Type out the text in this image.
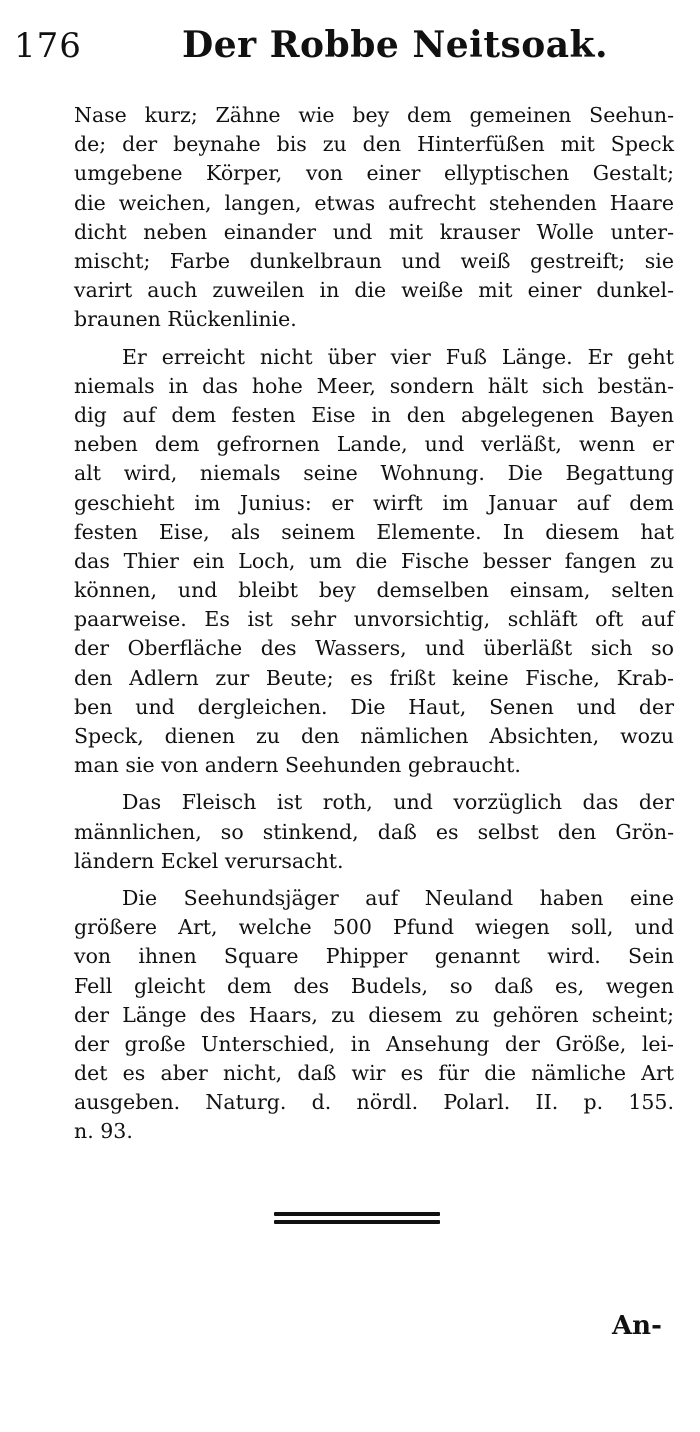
176	Der Robbe Neitsoak.
Nase kurz; Zähne wie bey dem gemeinen Seehun-
de; der beynahe bis zu den Hinterfüßen mit Speck
umgebene Körper, von einer ellyptischen Gestalt;
die weichen, langen, etwas aufrecht stehenden Haare
dicht neben einander und mit krauser Wolle unter-
mischt; Farbe dunkelbraun und weiß gestreift; sie
varirt auch zuweilen in die weiße mit einer dunkel-
braunen Rückenlinie.
Er erreicht nicht über vier Fuß Länge. Er geht
niemals in das hohe Meer, sondern hält sich bestän-
dig auf dem festen Eise in den abgelegenen Bayen
neben dem gefrornen Lande, und verläßt, wenn er
alt wird, niemals seine Wohnung. Die Begattung
geschieht im Junius: er wirft im Januar auf dem
festen Eise, als seinem Elemente. In diesem hat
das Thier ein Loch, um die Fische besser fangen zu
können, und bleibt bey demselben einsam, selten
paarweise. Es ist sehr unvorsichtig, schläft oft auf
der Oberfläche des Wassers, und überläßt sich so
den Adlern zur Beute; es frißt keine Fische, Krab-
ben und dergleichen. Die Haut, Senen und der
Speck, dienen zu den nämlichen Absichten, wozu
man sie von andern Seehunden gebraucht.
Das Fleisch ist roth, und vorzüglich das der
männlichen, so stinkend, daß es selbst den Grön-
ländern Eckel verursacht.
Die Seehundsjäger auf Neuland haben eine
größere Art, welche 500 Pfund wiegen soll, und
von ihnen Square Phipper genannt wird. Sein
Fell gleicht dem des Budels, so daß es, wegen
der Länge des Haars, zu diesem zu gehören scheint;
der große Unterschied, in Ansehung der Größe, lei-
det es aber nicht, daß wir es für die nämliche Art
ausgeben. Naturg. d. nördl. Polarl. II. p. 155.
n. 93.
An-
